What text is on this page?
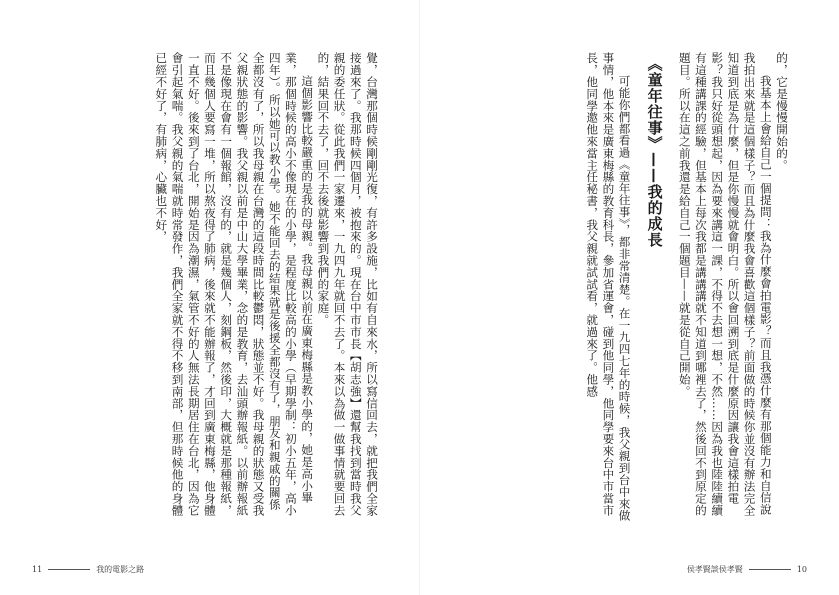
覺，台灣那個時候剛剛光復，有許多設施，比如有自來水，所以寫信回去，就把我們全家接過來了。我那時候四個月，被抱來的。現在台中市市長【胡志強】還幫我找到當時我父親的委任狀。從此我們一家遷來，一九四九年就回不去了。本來以為做一做事情就要回去的，結果回不去了，回不去後就影響到我們的家庭。

這個影響比較嚴重的是我的母親。我母親以前在廣東梅縣是教小學的，她是高小畢業，那個時候的高小不像現在的小學，是程度比較高的小學（早期學制：初小五年，高小四年）。所以她可以教小學。她不能回去的結果就是後援全都沒有了，朋友和親戚的關係全都沒有了，所以我母親在台灣的這段時間比較鬱悶，狀態並不好。我母親的狀態又受我父親狀態的影響。我父親以前是中山大學畢業，念的是教育，去汕頭辦報紙。以前辦報紙不是像現在會有一個報館，沒有的，就是幾個人，刻鋼板，然後印，大概就是那種報紙，而且幾個人要寫一堆，所以熬夜得了肺病，後來就不能辦報了，才回到廣東梅縣，他身體一直不好。後來到了台北，開始是因為潮濕，氣管不好的人無法長期居住在台北，因為它會引起氣喘。我父親的氣喘就時常發作，我們全家就不得不移到南部，但那時候他的身體已經不好了，有肺病，心臟也不好，

11	我的電影之路

的，它是慢慢開始的。

我基本上會給自己一個提問：我為什麼會拍電影？而且我憑什麼有那個能力和自信說我拍出來就是這個樣子？而且為什麼我會喜歡這個樣子？前面做的時候你並沒有辦法完全知道到底是為什麼，但是你慢慢就會明白。所以會回溯到底是什麼原因讓我會這樣拍電影？我只好從頭想起，因為要來講這一課，不得不去想一想，不然……因為我也陸陸續續有這種講課的經驗，但基本上每次我都是講講講就不知道到哪裡去了，然後回不到原定的題目。所以在這之前我還是給自己一個題目——就是從自己開始。

《童年往事》——我的成長

可能你們都看過《童年往事》，都非常清楚。在一九四七年的時候，我父親到台中來做事情，他本來是廣東梅縣的教育科長，參加省運會，碰到他同學，他同學要來台中市當市長，他同學邀他來當主任秘書，我父親就試試看，就過來了。他感

侯孝賢談侯孝賢	10
